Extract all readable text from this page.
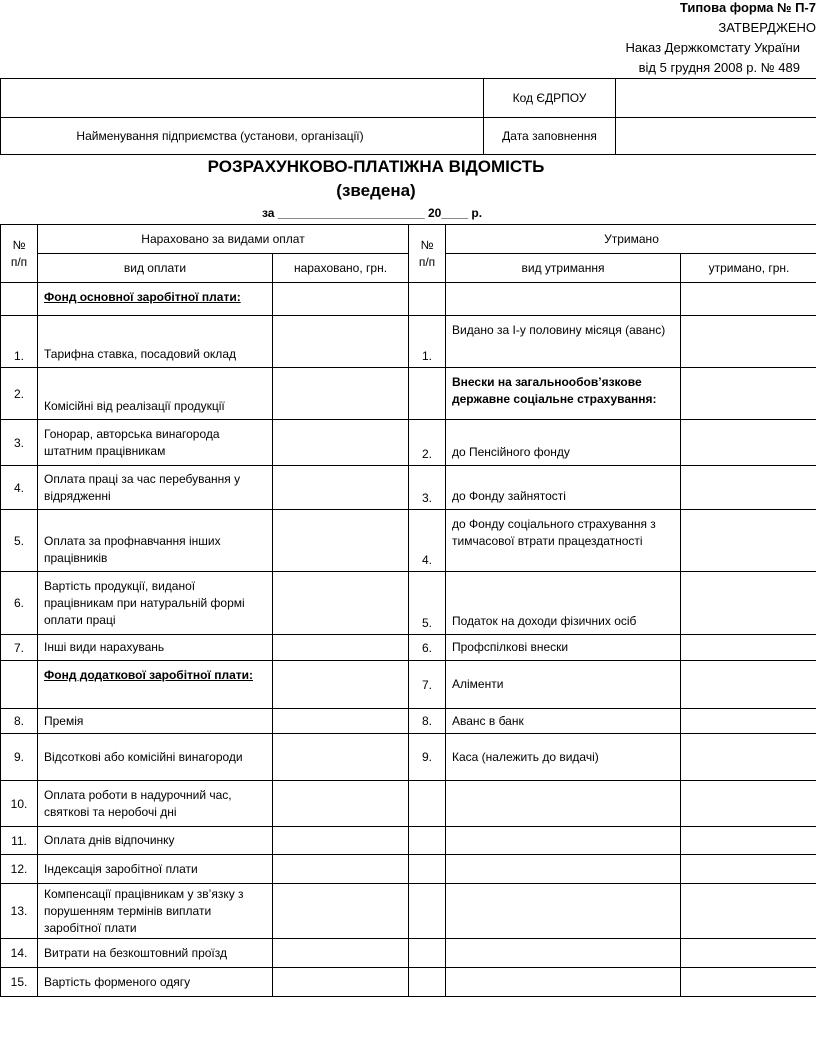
Типова форма № П-7
ЗАТВЕРДЖЕНО
Наказ Держкомстату України
від 5 грудня 2008 р. № 489
	Код ЄДРПОУ	
Найменування підприємства (установи, організації)	Дата заповнення	
РОЗРАХУНКОВО-ПЛАТІЖНА ВІДОМІСТЬ
(зведена)
за ______________________ 20____ р.
№ п/п	Нараховано за видами оплат		№ п/п	Утримано	
	вид оплати	нараховано, грн.		вид утримання	утримано, грн.
	Фонд основної заробітної плати:				
1.	Тарифна ставка, посадовий оклад		1.	Видано за І-у половину місяця (аванс)	
2.	Комісійні від реалізації продукції			Внески на загальнообов’язкове державне соціальне страхування:	
3.	Гонорар, авторська винагорода штатним працівникам		2.	до Пенсійного фонду	
4.	Оплата праці за час перебування у відрядженні		3.	до Фонду зайнятості	
5.	Оплата за профнавчання інших працівників		4.	до Фонду соціального страхування з тимчасової втрати працездатності	
6.	Вартість продукції, виданої працівникам при натуральній формі оплати праці		5.	Податок на доходи фізичних осіб	
7.	Інші види нарахувань		6.	Профспілкові внески	
	Фонд додаткової заробітної плати:		7.	Аліменти	
8.	Премія		8.	Аванс в банк	
9.	Відсоткові або комісійні винагороди		9.	Каса (належить до видачі)	
10.	Оплата роботи в надурочний час, святкові та неробочі дні				
11.	Оплата днів відпочинку				
12.	Індексація заробітної плати				
13.	Компенсації працівникам у зв’язку з порушенням термінів виплати заробітної плати				
14.	Витрати на безкоштовний проїзд				
15.	Вартість форменого одягу				
